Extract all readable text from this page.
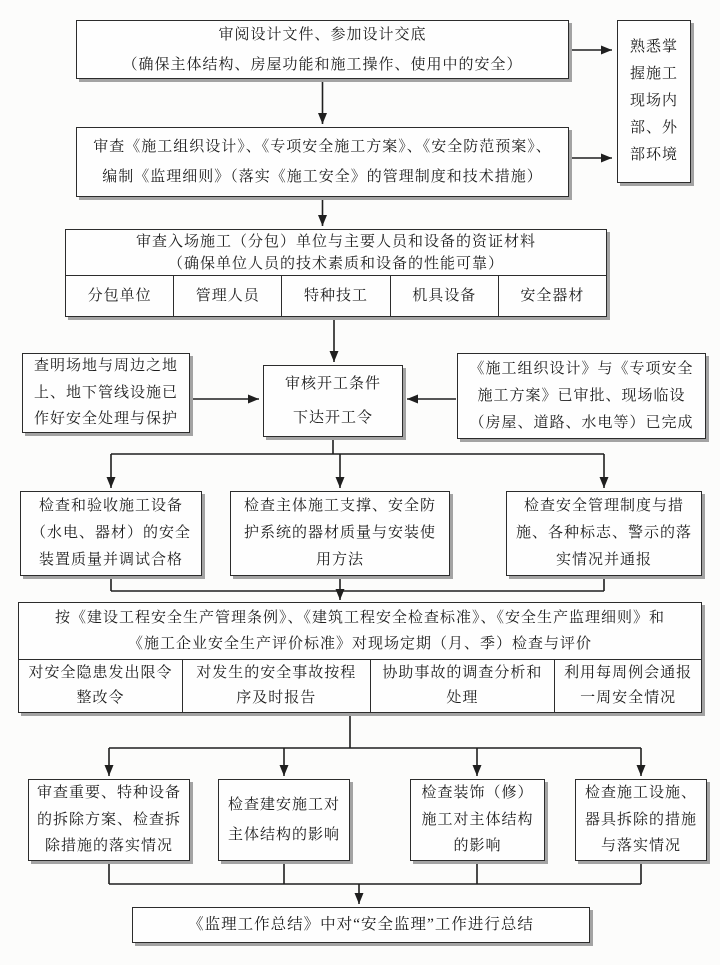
审阅设计文件、参加设计交底
（确保主体结构、房屋功能和施工操作、使用中的安全）
熟悉掌握施工现场内部、外部环境
审查《施工组织设计》、《专项安全施工方案》、《安全防范预案》、
编制《监理细则》（落实《施工安全》的管理制度和技术措施）
审查入场施工（分包）单位与主要人员和设备的资证材料
（确保单位人员的技术素质和设备的性能可靠）
分包单位	管理人员	特种技工	机具设备	安全器材
查明场地与周边之地上、地下管线设施已作好安全处理与保护
审核开工条件
下达开工令
《施工组织设计》与《专项安全施工方案》已审批、现场临设（房屋、道路、水电等）已完成
检查和验收施工设备（水电、器材）的安全装置质量并调试合格
检查主体施工支撑、安全防护系统的器材质量与安装使用方法
检查安全管理制度与措施、各种标志、警示的落实情况并通报
按《建设工程安全生产管理条例》、《建筑工程安全检查标准》、《安全生产监理细则》和
《施工企业安全生产评价标准》对现场定期（月、季）检查与评价
对安全隐患发出限令整改令
对发生的安全事故按程序及时报告
协助事故的调查分析和处理
利用每周例会通报一周安全情况
审查重要、特种设备的拆除方案、检查拆除措施的落实情况
检查建安施工对主体结构的影响
检查装饰（修）施工对主体结构的影响
检查施工设施、器具拆除的措施与落实情况
《监理工作总结》中对“安全监理”工作进行总结
